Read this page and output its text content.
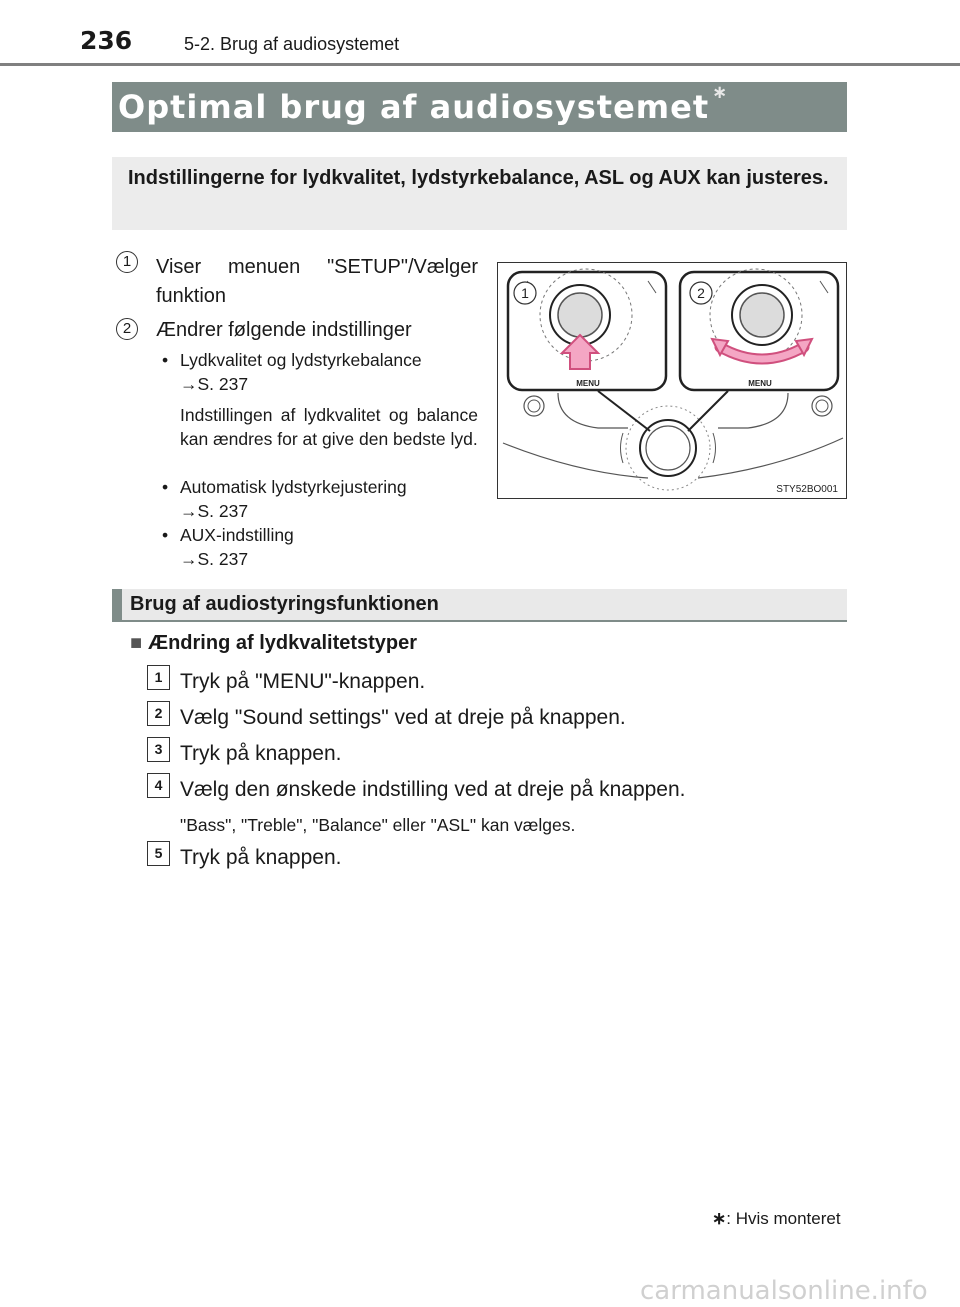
236	5-2. Brug af audiosystemet
Optimal brug af audiosystemet ∗
Indstillingerne for lydkvalitet, lydstyrkebalance, ASL og AUX kan justeres.
1	Viser menuen "SETUP"/Vælger funktion
2	Ændrer følgende indstillinger
• Lydkvalitet og lydstyrkebalance
→S. 237
Indstillingen af lydkvalitet og balance kan ændres for at give den bedste lyd.
• Automatisk lydstyrkejustering
→S. 237
• AUX-indstilling
→S. 237
1	2
MENU	MENU
STY52BO001
Brug af audiostyringsfunktionen
■ Ændring af lydkvalitetstyper
1 Tryk på "MENU"-knappen.
2 Vælg "Sound settings" ved at dreje på knappen.
3 Tryk på knappen.
4 Vælg den ønskede indstilling ved at dreje på knappen.
"Bass", "Treble", "Balance" eller "ASL" kan vælges.
5 Tryk på knappen.
∗: Hvis monteret
carmanualsonline.info
